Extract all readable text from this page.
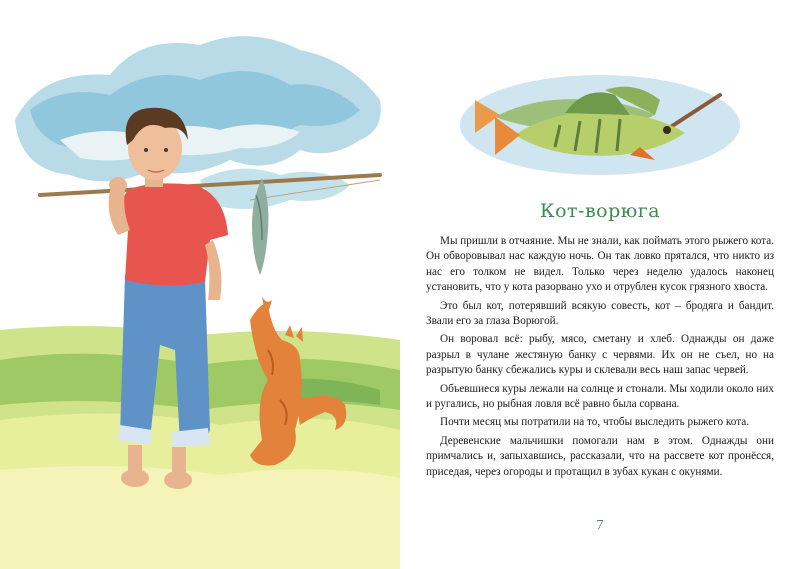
Кот-ворюга

Мы пришли в отчаяние. Мы не знали, как поймать этого рыжего кота. Он обворовывал нас каждую ночь. Он так ловко прятался, что никто из нас его толком не видел. Только через неделю удалось наконец установить, что у кота разорвано ухо и отрублен кусок грязного хвоста.

Это был кот, потерявший всякую совесть, кот – бродяга и бандит. Звали его за глаза Ворюгой.

Он воровал всё: рыбу, мясо, сметану и хлеб. Однажды он даже разрыл в чулане жестяную банку с червями. Их он не съел, но на разрытую банку сбежались куры и склевали весь наш запас червей.

Объевшиеся куры лежали на солнце и стонали. Мы ходили около них и ругались, но рыбная ловля всё равно была сорвана.

Почти месяц мы потратили на то, чтобы выследить рыжего кота.

Деревенские мальчишки помогали нам в этом. Однажды они примчались и, запыхавшись, рассказали, что на рассвете кот пронёсся, приседая, через огороды и протащил в зубах кукан с окунями.

7
